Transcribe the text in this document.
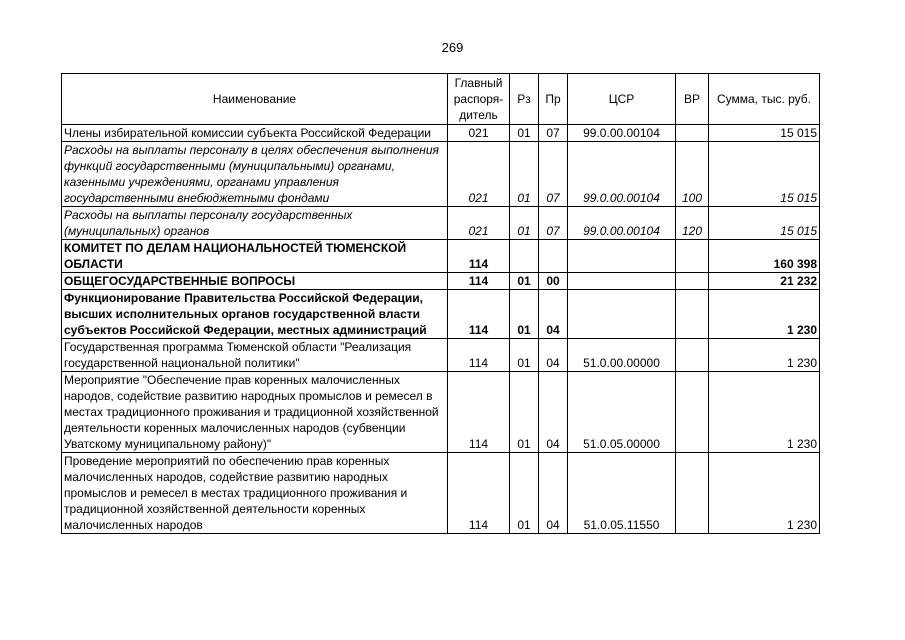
269
Наименование	Главный распоря-дитель	Рз	Пр	ЦСР	ВР	Сумма, тыс. руб.
Члены избирательной комиссии субъекта Российской Федерации	021	01	07	99.0.00.00104		15 015
Расходы на выплаты персоналу в целях обеспечения выполнения функций государственными (муниципальными) органами, казенными учреждениями, органами управления государственными внебюджетными фондами	021	01	07	99.0.00.00104	100	15 015
Расходы на выплаты персоналу государственных (муниципальных) органов	021	01	07	99.0.00.00104	120	15 015
КОМИТЕТ ПО ДЕЛАМ НАЦИОНАЛЬНОСТЕЙ ТЮМЕНСКОЙ ОБЛАСТИ	114					160 398
ОБЩЕГОСУДАРСТВЕННЫЕ ВОПРОСЫ	114	01	00			21 232
Функционирование Правительства Российской Федерации, высших исполнительных органов государственной власти субъектов Российской Федерации, местных администраций	114	01	04			1 230
Государственная программа Тюменской области "Реализация государственной национальной политики"	114	01	04	51.0.00.00000		1 230
Мероприятие "Обеспечение прав коренных малочисленных народов, содействие развитию народных промыслов и ремесел в местах традиционного проживания и традиционной хозяйственной деятельности коренных малочисленных народов (субвенции Уватскому муниципальному району)"	114	01	04	51.0.05.00000		1 230
Проведение мероприятий по обеспечению прав коренных малочисленных народов, содействие развитию народных промыслов и ремесел в местах традиционного проживания и традиционной хозяйственной деятельности коренных малочисленных народов	114	01	04	51.0.05.11550		1 230
